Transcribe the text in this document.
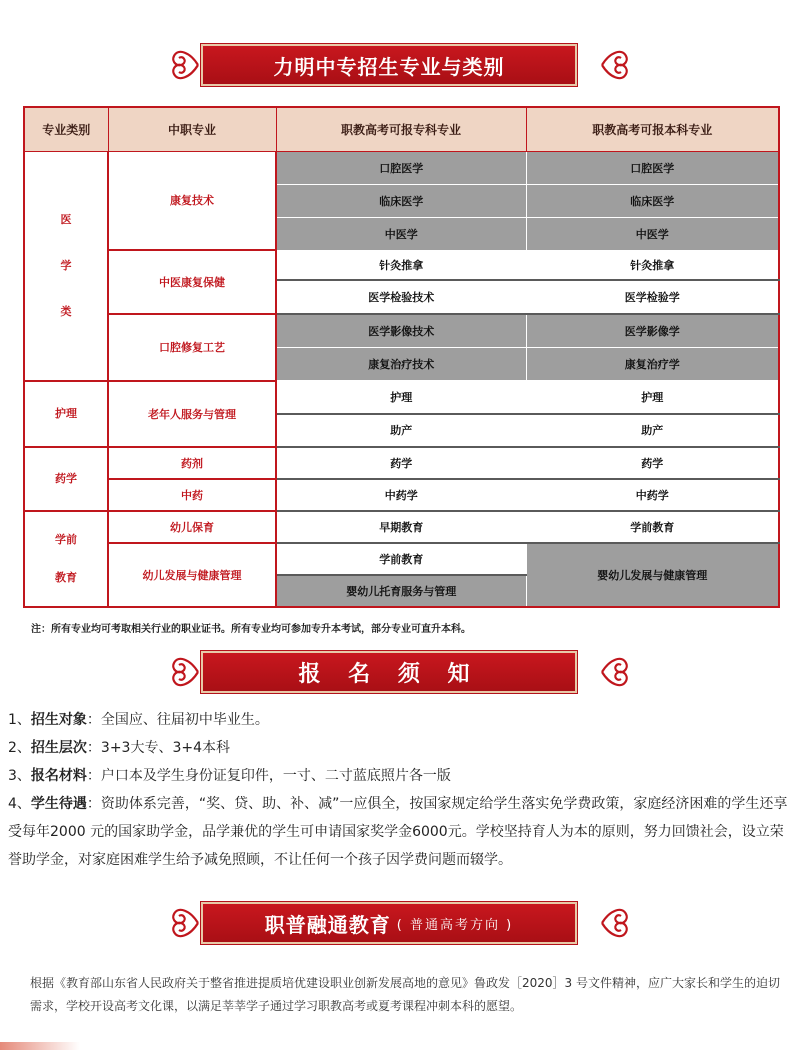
力明中专招生专业与类别
专业类别	中职专业	职教高考可报专科专业	职教高考可报本科专业
医
学
类	康复技术	口腔医学	口腔医学
		临床医学	临床医学
		中医学	中医学
	中医康复保健	针灸推拿	针灸推拿
		医学检验技术	医学检验学
	口腔修复工艺	医学影像技术	医学影像学
		康复治疗技术	康复治疗学
护理	老年人服务与管理	护理	护理
		助产	助产
药学	药剂	药学	药学
	中药	中药学	中药学
学前
教育	幼儿保育	早期教育	学前教育
	幼儿发展与健康管理	学前教育	婴幼儿发展与健康管理
		婴幼儿托育服务与管理	
注：所有专业均可考取相关行业的职业证书。所有专业均可参加专升本考试，部分专业可直升本科。
报 名 须 知
1、招生对象：全国应、往届初中毕业生。
2、招生层次：3+3大专、3+4本科
3、报名材料：户口本及学生身份证复印件，一寸、二寸蓝底照片各一版
4、学生待遇：资助体系完善，“奖、贷、助、补、减”一应俱全，按国家规定给学生落实免学费政策，家庭经济困难的学生还享受每年2000 元的国家助学金，品学兼优的学生可申请国家奖学金6000元。学校坚持育人为本的原则，努力回馈社会，设立荣誉助学金，对家庭困难学生给予减免照顾，不让任何一个孩子因学费问题而辍学。
职普融通教育 ( 普通高考方向 )
根据《教育部山东省人民政府关于整省推进提质培优建设职业创新发展高地的意见》鲁政发［2020］3 号文件精神，应广大家长和学生的迫切需求，学校开设高考文化课，以满足莘莘学子通过学习职教高考或夏考课程冲刺本科的愿望。
